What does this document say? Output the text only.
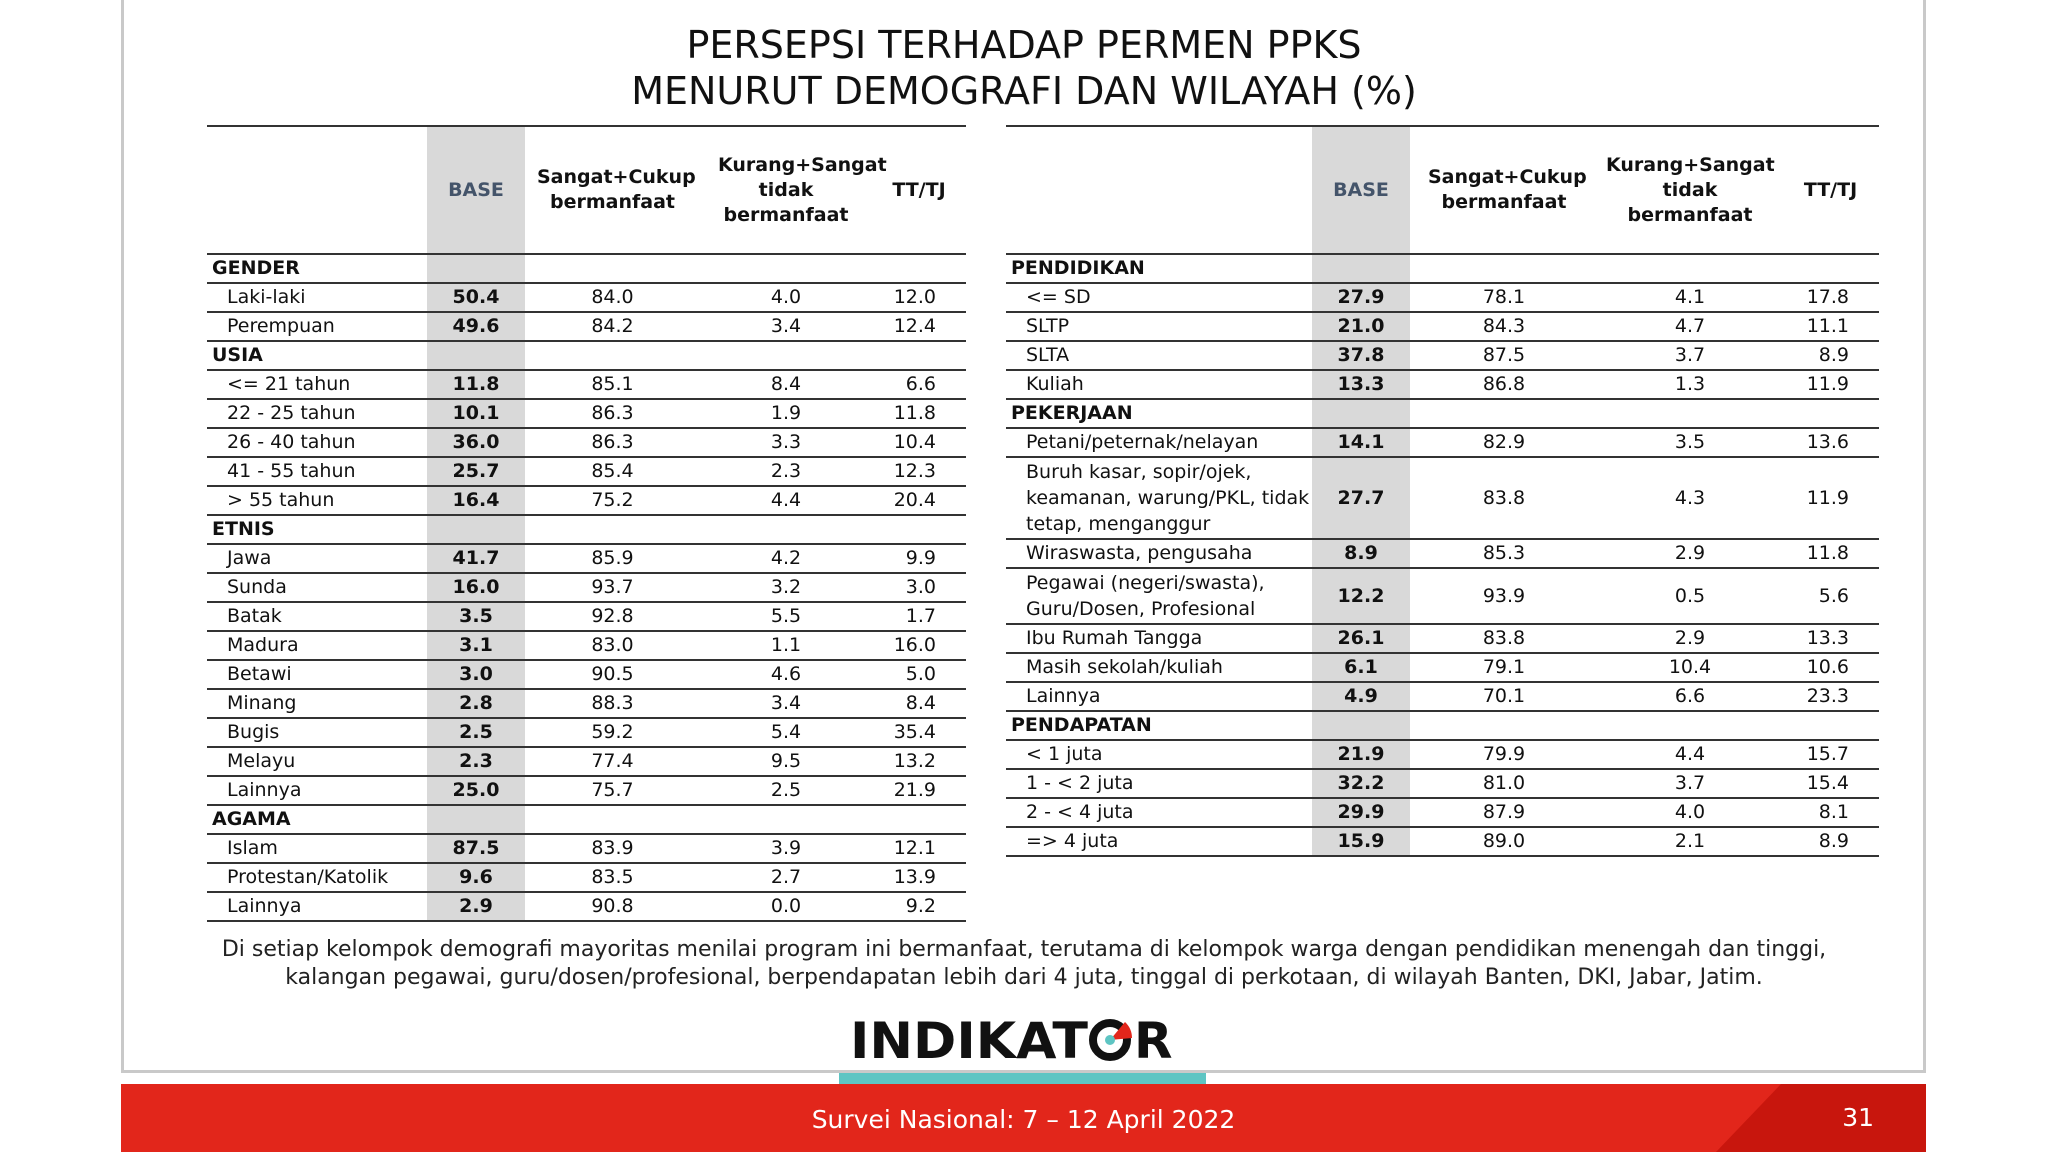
PERSEPSI TERHADAP PERMEN PPKS
MENURUT DEMOGRAFI DAN WILAYAH (%)
	BASE	Sangat+Cukup bermanfaat	Kurang+Sangat tidak bermanfaat	TT/TJ
GENDER				
Laki-laki	50.4	84.0	4.0	12.0
Perempuan	49.6	84.2	3.4	12.4
USIA				
<= 21 tahun	11.8	85.1	8.4	6.6
22 - 25 tahun	10.1	86.3	1.9	11.8
26 - 40 tahun	36.0	86.3	3.3	10.4
41 - 55 tahun	25.7	85.4	2.3	12.3
> 55 tahun	16.4	75.2	4.4	20.4
ETNIS				
Jawa	41.7	85.9	4.2	9.9
Sunda	16.0	93.7	3.2	3.0
Batak	3.5	92.8	5.5	1.7
Madura	3.1	83.0	1.1	16.0
Betawi	3.0	90.5	4.6	5.0
Minang	2.8	88.3	3.4	8.4
Bugis	2.5	59.2	5.4	35.4
Melayu	2.3	77.4	9.5	13.2
Lainnya	25.0	75.7	2.5	21.9
AGAMA				
Islam	87.5	83.9	3.9	12.1
Protestan/Katolik	9.6	83.5	2.7	13.9
Lainnya	2.9	90.8	0.0	9.2
	BASE	Sangat+Cukup bermanfaat	Kurang+Sangat tidak bermanfaat	TT/TJ
PENDIDIKAN				
<= SD	27.9	78.1	4.1	17.8
SLTP	21.0	84.3	4.7	11.1
SLTA	37.8	87.5	3.7	8.9
Kuliah	13.3	86.8	1.3	11.9
PEKERJAAN				
Petani/peternak/nelayan	14.1	82.9	3.5	13.6
Buruh kasar, sopir/ojek, keamanan, warung/PKL, tidak tetap, menganggur	27.7	83.8	4.3	11.9
Wiraswasta, pengusaha	8.9	85.3	2.9	11.8
Pegawai (negeri/swasta), Guru/Dosen, Profesional	12.2	93.9	0.5	5.6
Ibu Rumah Tangga	26.1	83.8	2.9	13.3
Masih sekolah/kuliah	6.1	79.1	10.4	10.6
Lainnya	4.9	70.1	6.6	23.3
PENDAPATAN				
< 1 juta	21.9	79.9	4.4	15.7
1 - < 2 juta	32.2	81.0	3.7	15.4
2 - < 4 juta	29.9	87.9	4.0	8.1
=> 4 juta	15.9	89.0	2.1	8.9
Di setiap kelompok demografi mayoritas menilai program ini bermanfaat, terutama di kelompok warga dengan pendidikan menengah dan tinggi,
kalangan pegawai, guru/dosen/profesional, berpendapatan lebih dari 4 juta, tinggal di perkotaan, di wilayah Banten, DKI, Jabar, Jatim.
INDIKAT R
Survei Nasional: 7 – 12 April 2022	31
